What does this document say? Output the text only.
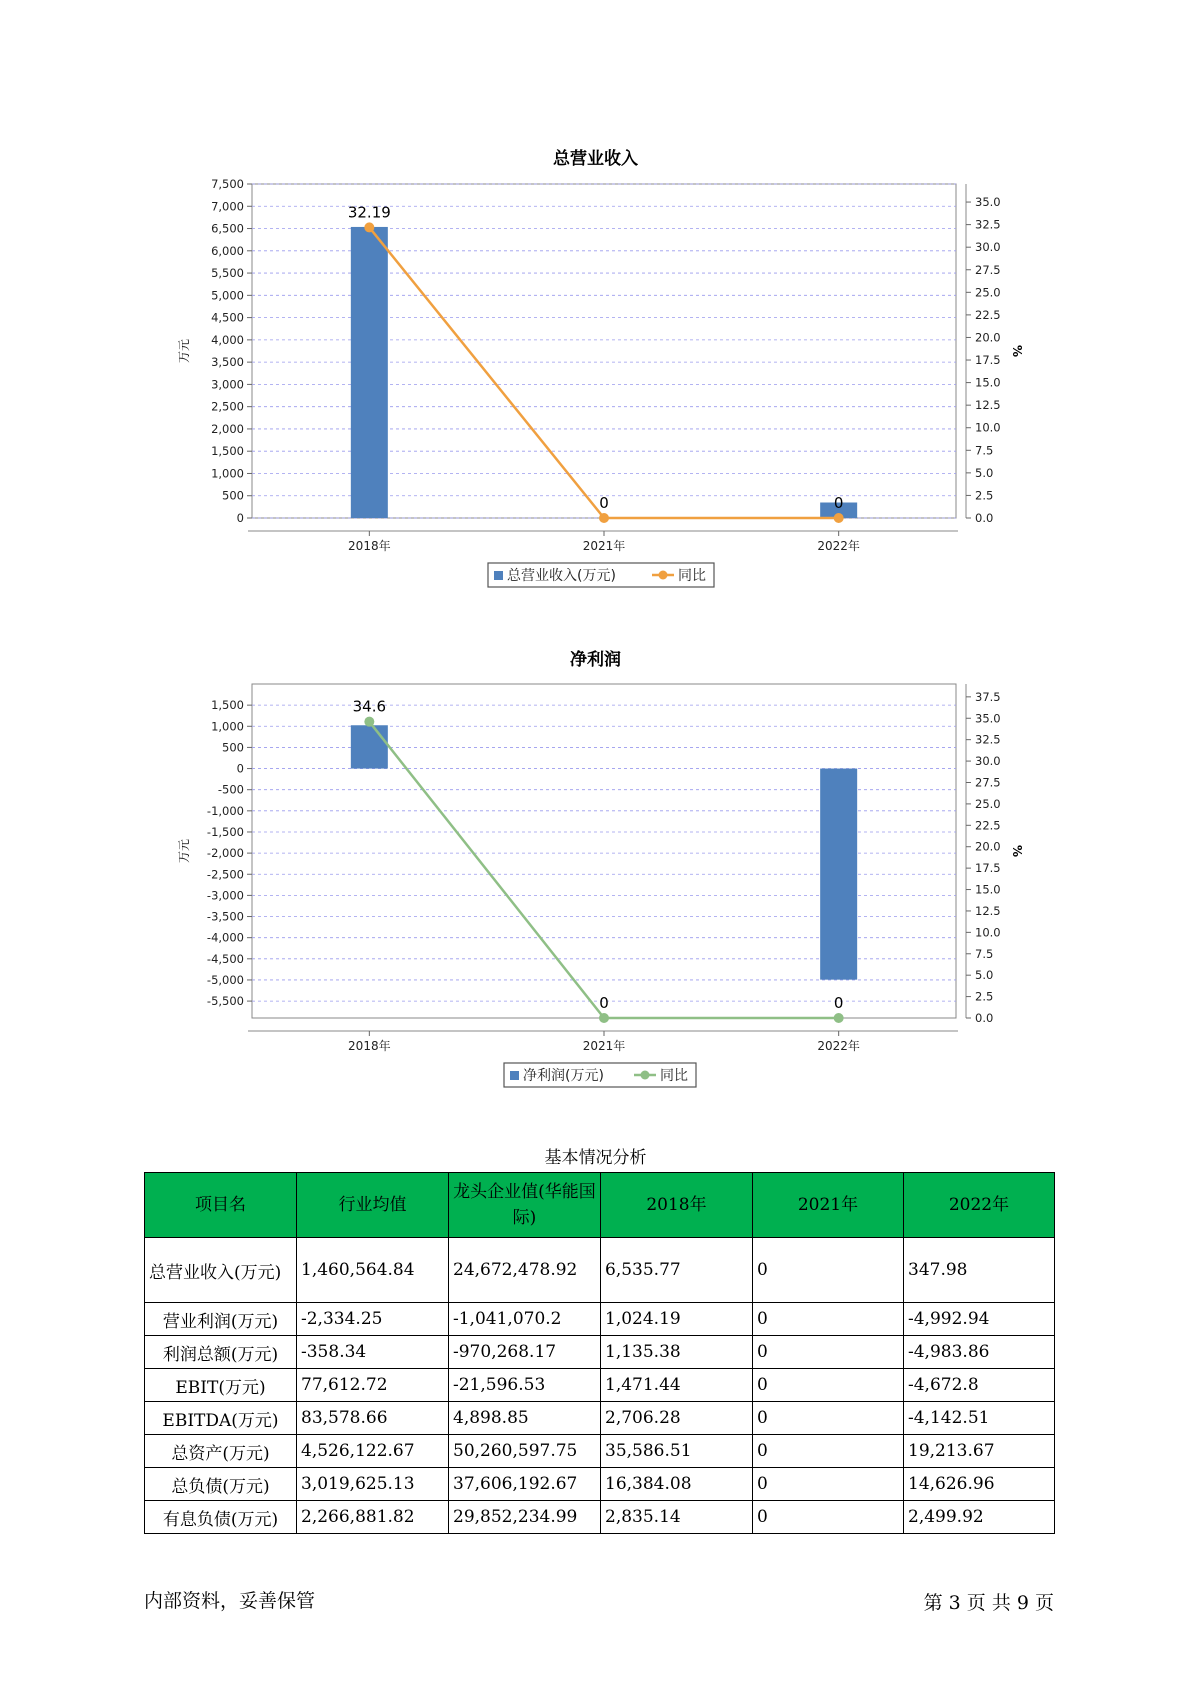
总营业收入
0
500
1,000
1,500
2,000
2,500
3,000
3,500
4,000
4,500
5,000
5,500
6,000
6,500
7,000
7,500
0.0
2.5
5.0
7.5
10.0
12.5
15.0
17.5
20.0
22.5
25.0
27.5
30.0
32.5
35.0
万元	%
2018年	2021年	2022年
32.19
0	0
总营业收入(万元)	同比
净利润
1,500
1,000
500
0
-500
-1,000
-1,500
-2,000
-2,500
-3,000
-3,500
-4,000
-4,500
-5,000
-5,500
0.0
2.5
5.0
7.5
10.0
12.5
15.0
17.5
20.0
22.5
25.0
27.5
30.0
32.5
35.0
37.5
万元	%
2018年	2021年	2022年
34.6
0	0
净利润(万元)	同比
基本情况分析
项目名	行业均值	龙头企业值(华能国际)	2018年	2021年	2022年
总营业收入(万元)	1,460,564.84	24,672,478.92	6,535.77	0	347.98
营业利润(万元)	-2,334.25	-1,041,070.2	1,024.19	0	-4,992.94
利润总额(万元)	-358.34	-970,268.17	1,135.38	0	-4,983.86
EBIT(万元)	77,612.72	-21,596.53	1,471.44	0	-4,672.8
EBITDA(万元)	83,578.66	4,898.85	2,706.28	0	-4,142.51
总资产(万元)	4,526,122.67	50,260,597.75	35,586.51	0	19,213.67
总负债(万元)	3,019,625.13	37,606,192.67	16,384.08	0	14,626.96
有息负债(万元)	2,266,881.82	29,852,234.99	2,835.14	0	2,499.92
内部资料，妥善保管	第 3 页 共 9 页
